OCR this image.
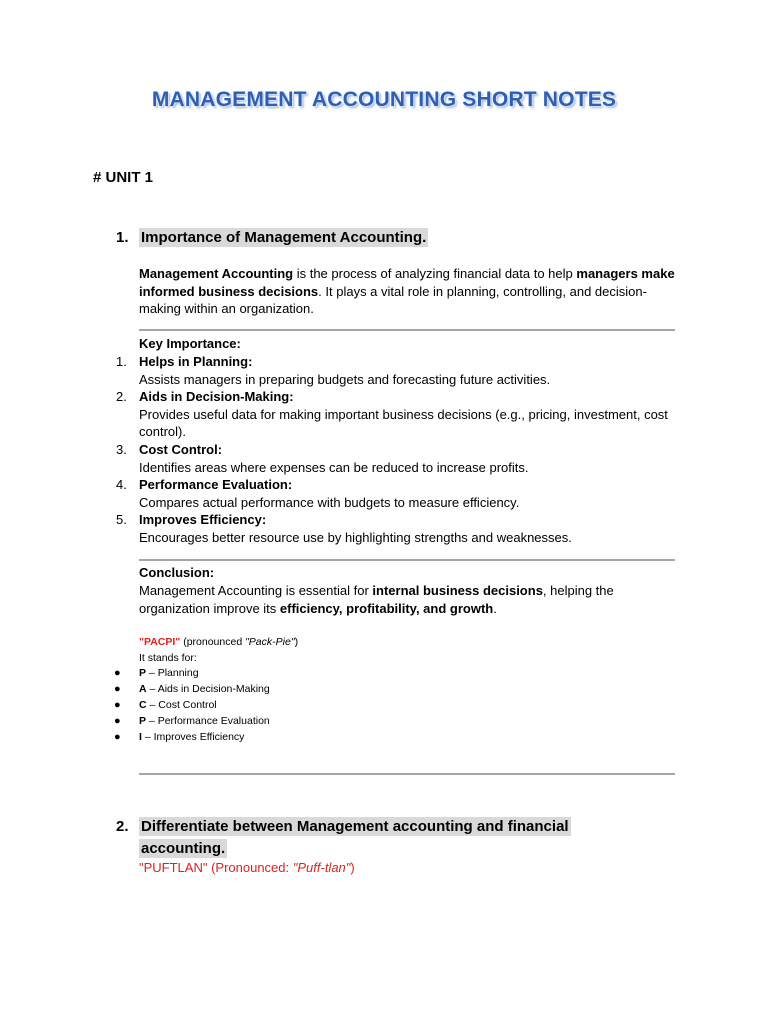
MANAGEMENT ACCOUNTING SHORT NOTES
# UNIT 1
1. Importance of Management Accounting.
Management Accounting is the process of analyzing financial data to help managers make informed business decisions. It plays a vital role in planning, controlling, and decision-making within an organization.
Key Importance:
1. Helps in Planning:
Assists managers in preparing budgets and forecasting future activities.
2. Aids in Decision-Making:
Provides useful data for making important business decisions (e.g., pricing, investment, cost control).
3. Cost Control:
Identifies areas where expenses can be reduced to increase profits.
4. Performance Evaluation:
Compares actual performance with budgets to measure efficiency.
5. Improves Efficiency:
Encourages better resource use by highlighting strengths and weaknesses.
Conclusion:
Management Accounting is essential for internal business decisions, helping the organization improve its efficiency, profitability, and growth.
"PACPI" (pronounced "Pack-Pie")
It stands for:
● P – Planning
● A – Aids in Decision-Making
● C – Cost Control
● P – Performance Evaluation
● I – Improves Efficiency
2. Differentiate between Management accounting and financial
accounting.
"PUFTLAN" (Pronounced: "Puff-tlan")
